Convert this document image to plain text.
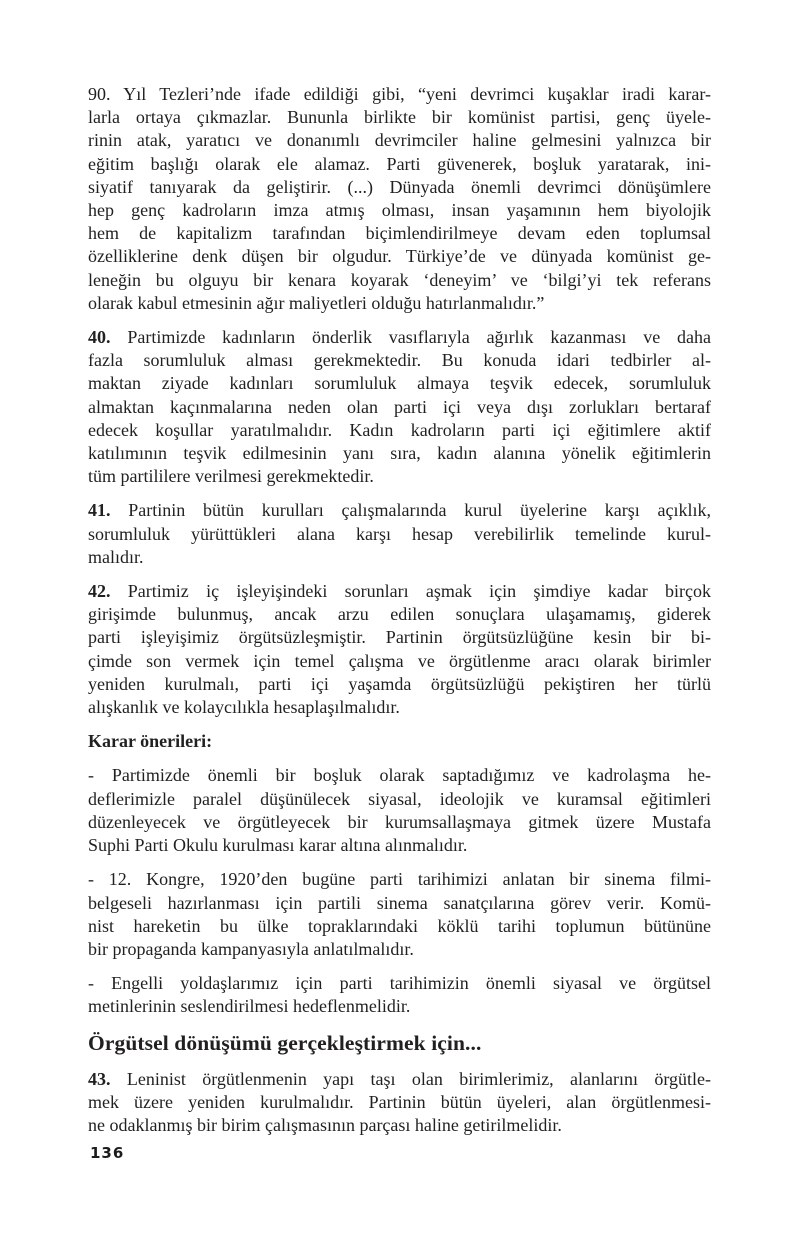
90. Yıl Tezleri’nde ifade edildiği gibi, “yeni devrimci kuşaklar iradi karar-
larla ortaya çıkmazlar. Bununla birlikte bir komünist partisi, genç üyele-
rinin atak, yaratıcı ve donanımlı devrimciler haline gelmesini yalnızca bir
eğitim başlığı olarak ele alamaz. Parti güvenerek, boşluk yaratarak, ini-
siyatif tanıyarak da geliştirir. (...) Dünyada önemli devrimci dönüşümlere
hep genç kadroların imza atmış olması, insan yaşamının hem biyolojik
hem de kapitalizm tarafından biçimlendirilmeye devam eden toplumsal
özelliklerine denk düşen bir olgudur. Türkiye’de ve dünyada komünist ge-
leneğin bu olguyu bir kenara koyarak ‘deneyim’ ve ‘bilgi’yi tek referans
olarak kabul etmesinin ağır maliyetleri olduğu hatırlanmalıdır.”
40. Partimizde kadınların önderlik vasıflarıyla ağırlık kazanması ve daha
fazla sorumluluk alması gerekmektedir. Bu konuda idari tedbirler al-
maktan ziyade kadınları sorumluluk almaya teşvik edecek, sorumluluk
almaktan kaçınmalarına neden olan parti içi veya dışı zorlukları bertaraf
edecek koşullar yaratılmalıdır. Kadın kadroların parti içi eğitimlere aktif
katılımının teşvik edilmesinin yanı sıra, kadın alanına yönelik eğitimlerin
tüm partililere verilmesi gerekmektedir.
41. Partinin bütün kurulları çalışmalarında kurul üyelerine karşı açıklık,
sorumluluk yürüttükleri alana karşı hesap verebilirlik temelinde kurul-
malıdır.
42. Partimiz iç işleyişindeki sorunları aşmak için şimdiye kadar birçok
girişimde bulunmuş, ancak arzu edilen sonuçlara ulaşamamış, giderek
parti işleyişimiz örgütsüzleşmiştir. Partinin örgütsüzlüğüne kesin bir bi-
çimde son vermek için temel çalışma ve örgütlenme aracı olarak birimler
yeniden kurulmalı, parti içi yaşamda örgütsüzlüğü pekiştiren her türlü
alışkanlık ve kolaycılıkla hesaplaşılmalıdır.
Karar önerileri:
- Partimizde önemli bir boşluk olarak saptadığımız ve kadrolaşma he-
deflerimizle paralel düşünülecek siyasal, ideolojik ve kuramsal eğitimleri
düzenleyecek ve örgütleyecek bir kurumsallaşmaya gitmek üzere Mustafa
Suphi Parti Okulu kurulması karar altına alınmalıdır.
- 12. Kongre, 1920’den bugüne parti tarihimizi anlatan bir sinema filmi-
belgeseli hazırlanması için partili sinema sanatçılarına görev verir. Komü-
nist hareketin bu ülke topraklarındaki köklü tarihi toplumun bütününe
bir propaganda kampanyasıyla anlatılmalıdır.
- Engelli yoldaşlarımız için parti tarihimizin önemli siyasal ve örgütsel
metinlerinin seslendirilmesi hedeflenmelidir.
Örgütsel dönüşümü gerçekleştirmek için...
43. Leninist örgütlenmenin yapı taşı olan birimlerimiz, alanlarını örgütle-
mek üzere yeniden kurulmalıdır. Partinin bütün üyeleri, alan örgütlenmesi-
ne odaklanmış bir birim çalışmasının parçası haline getirilmelidir.
136
